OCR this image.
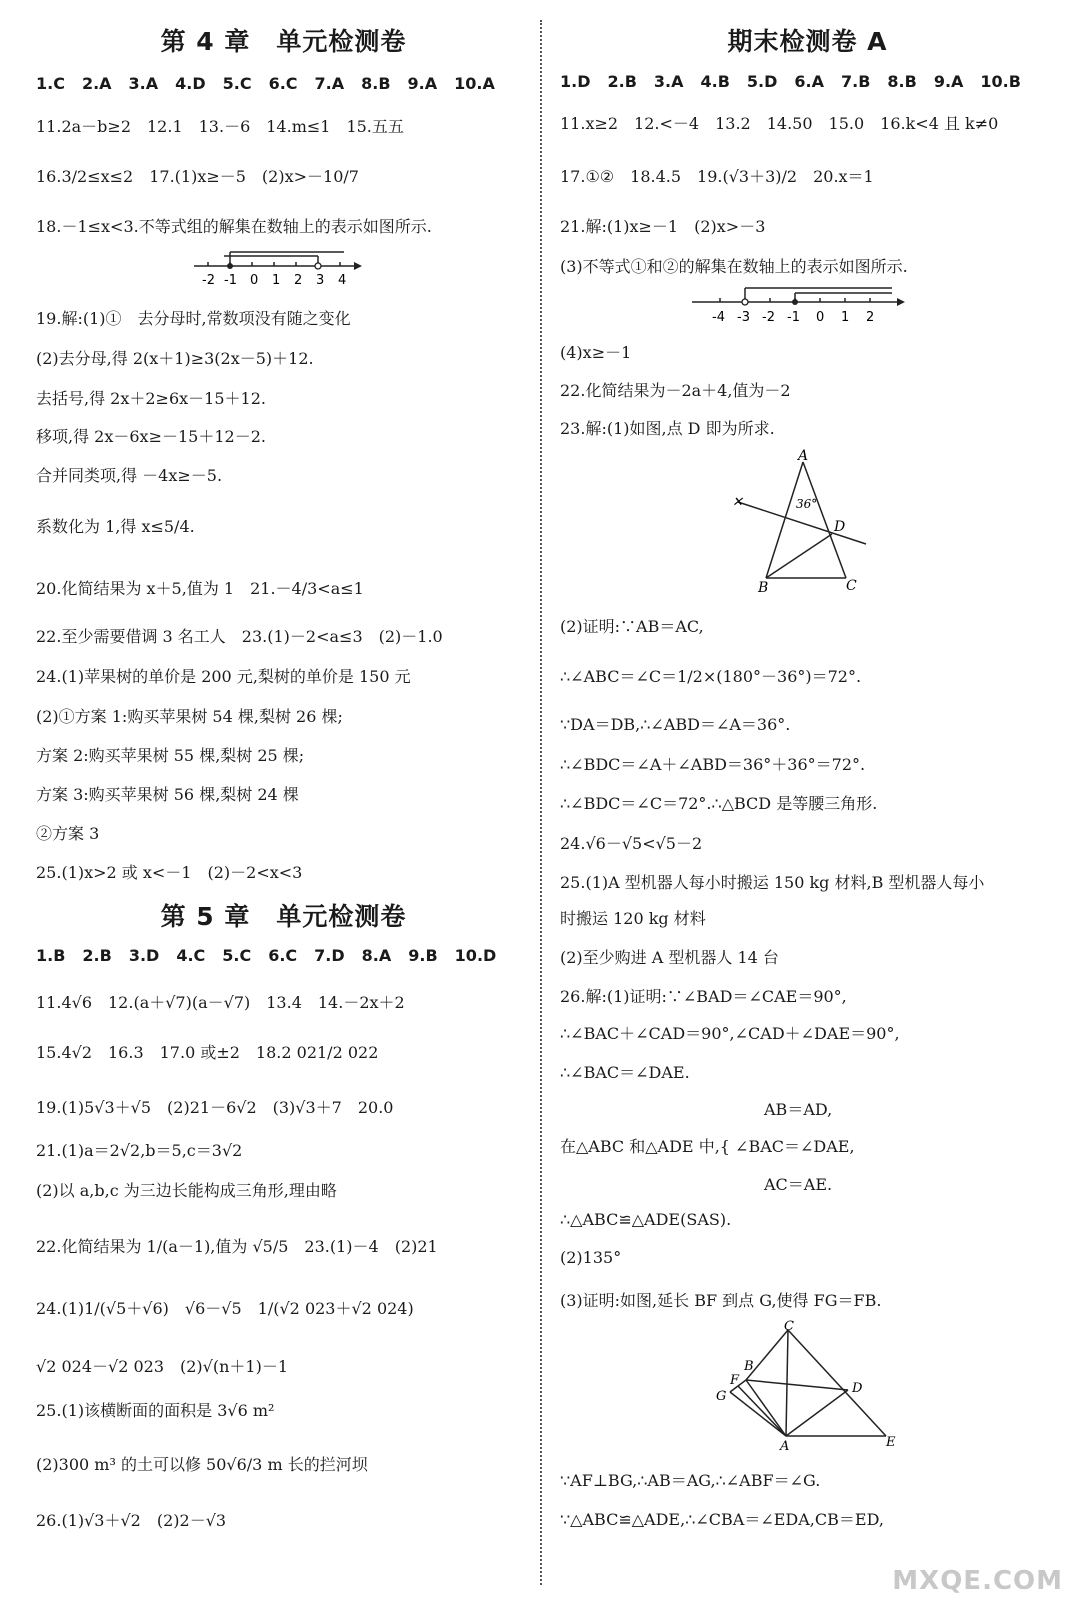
第 4 章　单元检测卷
1.C 2.A 3.A 4.D 5.C 6.C 7.A 8.B 9.A 10.A
11.2a－b≥2　12.1　13.－6　14.m≤1　15.五五
16.3/2≤x≤2　17.(1)x≥－5　(2)x>－10/7
18.－1≤x<3.不等式组的解集在数轴上的表示如图所示.
-2 -1 0 1 2 3 4
19.解:(1)①　去分母时,常数项没有随之变化
(2)去分母,得 2(x＋1)≥3(2x－5)＋12.
去括号,得 2x＋2≥6x－15＋12.
移项,得 2x－6x≥－15＋12－2.
合并同类项,得 －4x≥－5.
系数化为 1,得 x≤5/4.
20.化简结果为 x＋5,值为 1　21.－4/3<a≤1
22.至少需要借调 3 名工人　23.(1)－2<a≤3　(2)－1.0
24.(1)苹果树的单价是 200 元,梨树的单价是 150 元
(2)①方案 1:购买苹果树 54 棵,梨树 26 棵;
方案 2:购买苹果树 55 棵,梨树 25 棵;
方案 3:购买苹果树 56 棵,梨树 24 棵
②方案 3
25.(1)x>2 或 x<－1　(2)－2<x<3
第 5 章　单元检测卷
1.B 2.B 3.D 4.C 5.C 6.C 7.D 8.A 9.B 10.D
11.4√6　12.(a＋√7)(a－√7)　13.4　14.－2x＋2
15.4√2　16.3　17.0 或±2　18.2 021/2 022
19.(1)5√3＋√5　(2)21－6√2　(3)√3＋7　20.0
21.(1)a＝2√2,b＝5,c＝3√2
(2)以 a,b,c 为三边长能构成三角形,理由略
22.化简结果为 1/(a－1),值为 √5/5　23.(1)－4　(2)21
24.(1)1/(√5＋√6)　√6－√5　1/(√2 023＋√2 024)
√2 024－√2 023　(2)√(n＋1)－1
25.(1)该横断面的面积是 3√6 m²
(2)300 m³ 的土可以修 50√6/3 m 长的拦河坝
26.(1)√3＋√2　(2)2－√3
期末检测卷 A
1.D 2.B 3.A 4.B 5.D 6.A 7.B 8.B 9.A 10.B
11.x≥2　12.<－4　13.2　14.50　15.0　16.k<4 且 k≠0
17.①②　18.4.5　19.(√3＋3)/2　20.x＝1
21.解:(1)x≥－1　(2)x>－3
(3)不等式①和②的解集在数轴上的表示如图所示.
-4 -3 -2 -1 0 1 2
(4)x≥－1
22.化简结果为－2a＋4,值为－2
23.解:(1)如图,点 D 即为所求.
✕
A
B	C
D
36°
(2)证明:∵AB＝AC,
∴∠ABC＝∠C＝1/2×(180°－36°)＝72°.
∵DA＝DB,∴∠ABD＝∠A＝36°.
∴∠BDC＝∠A＋∠ABD＝36°＋36°＝72°.
∴∠BDC＝∠C＝72°.∴△BCD 是等腰三角形.
24.√6－√5<√5－2
25.(1)A 型机器人每小时搬运 150 kg 材料,B 型机器人每小
时搬运 120 kg 材料
(2)至少购进 A 型机器人 14 台
26.解:(1)证明:∵∠BAD＝∠CAE＝90°,
∴∠BAC＋∠CAD＝90°,∠CAD＋∠DAE＝90°,
∴∠BAC＝∠DAE.
AB＝AD,
在△ABC 和△ADE 中,{ ∠BAC＝∠DAE,
AC＝AE.
∴△ABC≌△ADE(SAS).
(2)135°
(3)证明:如图,延长 BF 到点 G,使得 FG＝FB.
A
B
C
D
E
F
G
∵AF⊥BG,∴AB＝AG,∴∠ABF＝∠G.
∵△ABC≌△ADE,∴∠CBA＝∠EDA,CB＝ED,
MXQE.COM
